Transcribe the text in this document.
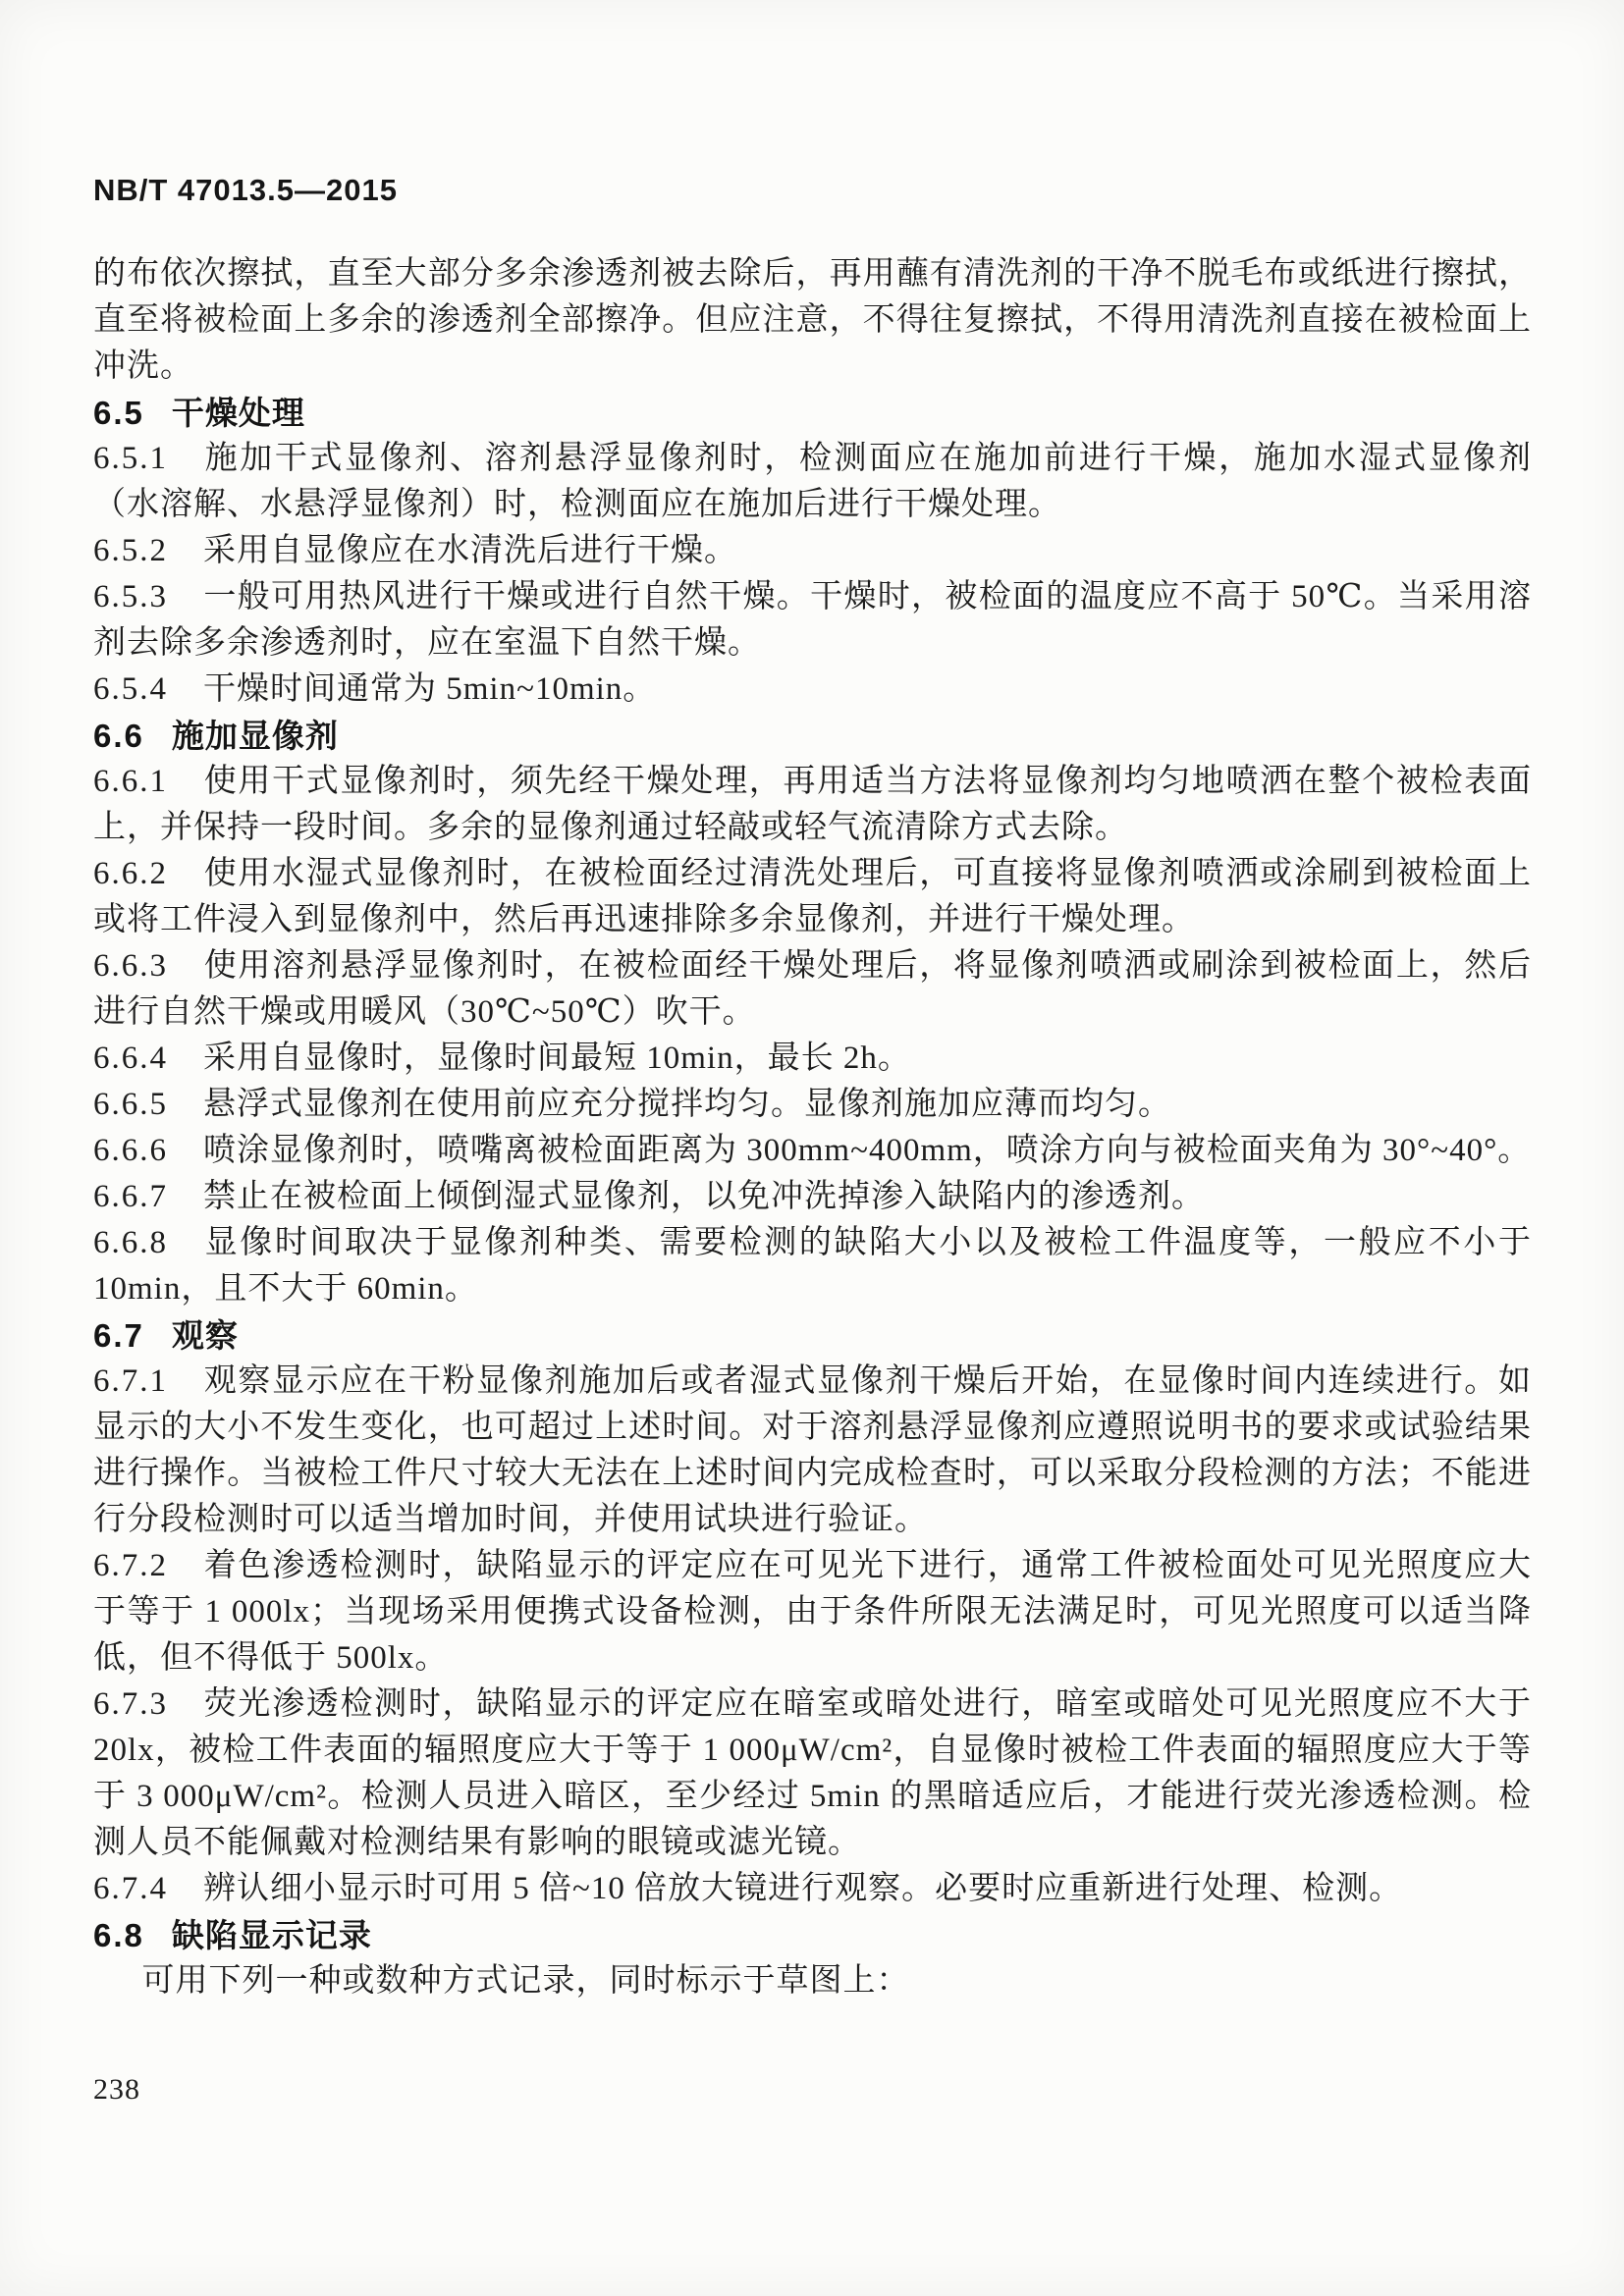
NB/T 47013.5—2015

的布依次擦拭，直至大部分多余渗透剂被去除后，再用蘸有清洗剂的干净不脱毛布或纸进行擦拭，直至将被检面上多余的渗透剂全部擦净。但应注意，不得往复擦拭，不得用清洗剂直接在被检面上冲洗。

6.5 干燥处理

6.5.1 施加干式显像剂、溶剂悬浮显像剂时，检测面应在施加前进行干燥，施加水湿式显像剂（水溶解、水悬浮显像剂）时，检测面应在施加后进行干燥处理。

6.5.2 采用自显像应在水清洗后进行干燥。

6.5.3 一般可用热风进行干燥或进行自然干燥。干燥时，被检面的温度应不高于 50℃。当采用溶剂去除多余渗透剂时，应在室温下自然干燥。

6.5.4 干燥时间通常为 5min~10min。

6.6 施加显像剂

6.6.1 使用干式显像剂时，须先经干燥处理，再用适当方法将显像剂均匀地喷洒在整个被检表面上，并保持一段时间。多余的显像剂通过轻敲或轻气流清除方式去除。

6.6.2 使用水湿式显像剂时，在被检面经过清洗处理后，可直接将显像剂喷洒或涂刷到被检面上或将工件浸入到显像剂中，然后再迅速排除多余显像剂，并进行干燥处理。

6.6.3 使用溶剂悬浮显像剂时，在被检面经干燥处理后，将显像剂喷洒或刷涂到被检面上，然后进行自然干燥或用暖风（30℃~50℃）吹干。

6.6.4 采用自显像时，显像时间最短 10min，最长 2h。

6.6.5 悬浮式显像剂在使用前应充分搅拌均匀。显像剂施加应薄而均匀。

6.6.6 喷涂显像剂时，喷嘴离被检面距离为 300mm~400mm，喷涂方向与被检面夹角为 30°~40°。

6.6.7 禁止在被检面上倾倒湿式显像剂，以免冲洗掉渗入缺陷内的渗透剂。

6.6.8 显像时间取决于显像剂种类、需要检测的缺陷大小以及被检工件温度等，一般应不小于 10min，且不大于 60min。

6.7 观察

6.7.1 观察显示应在干粉显像剂施加后或者湿式显像剂干燥后开始，在显像时间内连续进行。如显示的大小不发生变化，也可超过上述时间。对于溶剂悬浮显像剂应遵照说明书的要求或试验结果进行操作。当被检工件尺寸较大无法在上述时间内完成检查时，可以采取分段检测的方法；不能进行分段检测时可以适当增加时间，并使用试块进行验证。

6.7.2 着色渗透检测时，缺陷显示的评定应在可见光下进行，通常工件被检面处可见光照度应大于等于 1 000lx；当现场采用便携式设备检测，由于条件所限无法满足时，可见光照度可以适当降低，但不得低于 500lx。

6.7.3 荧光渗透检测时，缺陷显示的评定应在暗室或暗处进行，暗室或暗处可见光照度应不大于 20lx，被检工件表面的辐照度应大于等于 1 000μW/cm²，自显像时被检工件表面的辐照度应大于等于 3 000μW/cm²。检测人员进入暗区，至少经过 5min 的黑暗适应后，才能进行荧光渗透检测。检测人员不能佩戴对检测结果有影响的眼镜或滤光镜。

6.7.4 辨认细小显示时可用 5 倍~10 倍放大镜进行观察。必要时应重新进行处理、检测。

6.8 缺陷显示记录

可用下列一种或数种方式记录，同时标示于草图上：

238
